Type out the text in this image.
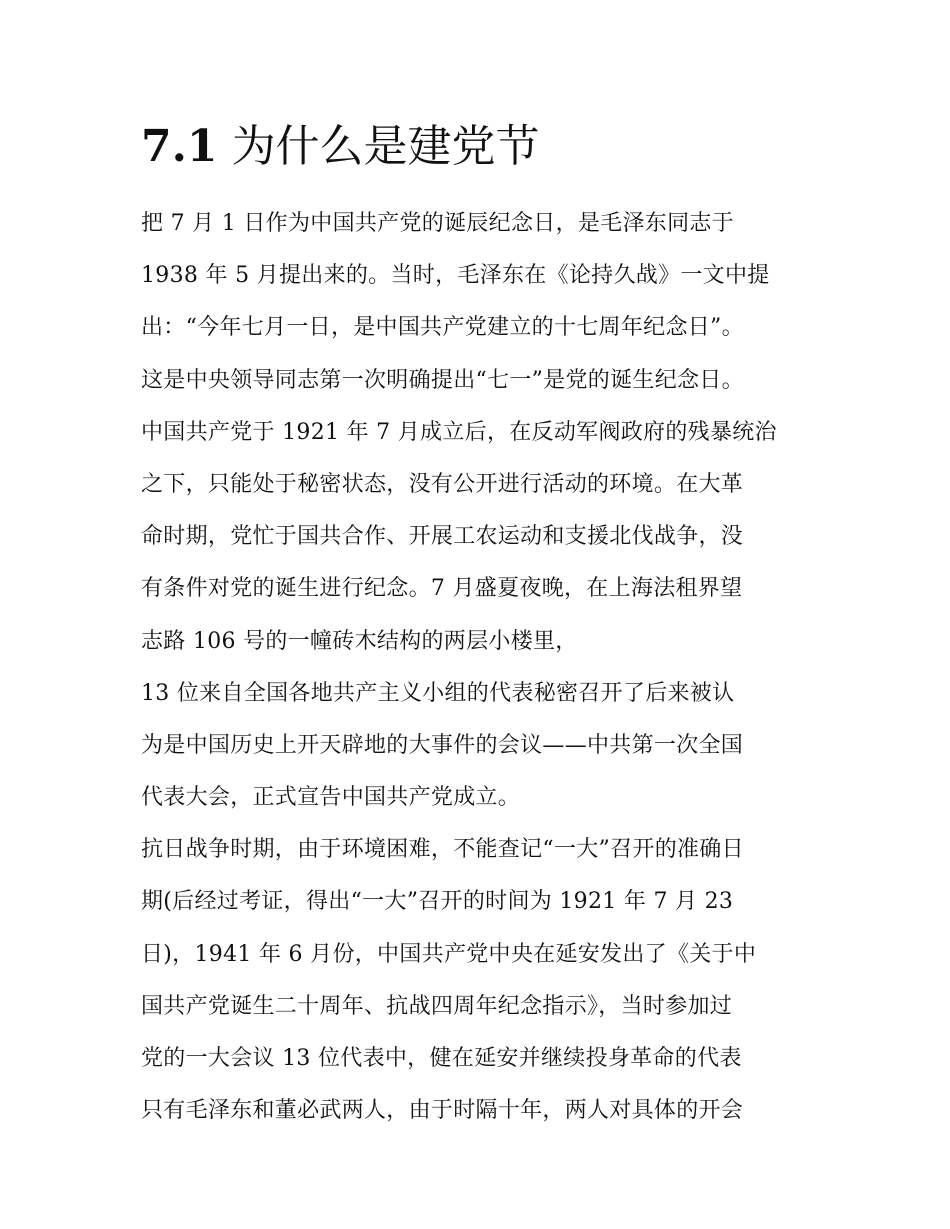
7.1 为什么是建党节
把 7 月 1 日作为中国共产党的诞辰纪念日，是毛泽东同志于
1938 年 5 月提出来的。当时，毛泽东在《论持久战》一文中提
出：“今年七月一日，是中国共产党建立的十七周年纪念日”。
这是中央领导同志第一次明确提出“七一”是党的诞生纪念日。
中国共产党于 1921 年 7 月成立后，在反动军阀政府的残暴统治
之下，只能处于秘密状态，没有公开进行活动的环境。在大革
命时期，党忙于国共合作、开展工农运动和支援北伐战争，没
有条件对党的诞生进行纪念。7 月盛夏夜晚，在上海法租界望
志路 106 号的一幢砖木结构的两层小楼里，
13 位来自全国各地共产主义小组的代表秘密召开了后来被认
为是中国历史上开天辟地的大事件的会议——中共第一次全国
代表大会，正式宣告中国共产党成立。
抗日战争时期，由于环境困难，不能查记“一大”召开的准确日
期(后经过考证，得出“一大”召开的时间为 1921 年 7 月 23
日)，1941 年 6 月份，中国共产党中央在延安发出了《关于中
国共产党诞生二十周年、抗战四周年纪念指示》，当时参加过
党的一大会议 13 位代表中，健在延安并继续投身革命的代表
只有毛泽东和董必武两人，由于时隔十年，两人对具体的开会
